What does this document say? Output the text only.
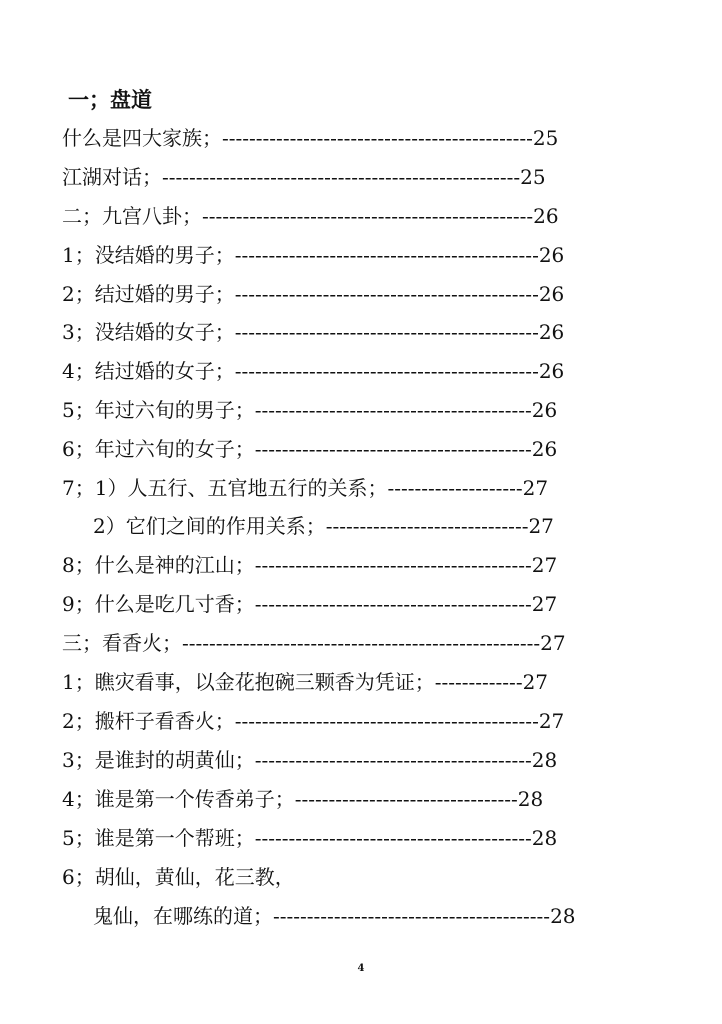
一；盘道
什么是四大家族；----------------------------------------------25
江湖对话；-----------------------------------------------------25
二；九宫八卦；-------------------------------------------------26
1；没结婚的男子；---------------------------------------------26
2；结过婚的男子；---------------------------------------------26
3；没结婚的女子；---------------------------------------------26
4；结过婚的女子；---------------------------------------------26
5；年过六旬的男子；-----------------------------------------26
6；年过六旬的女子；-----------------------------------------26
7；1）人五行、五官地五行的关系；--------------------27
2）它们之间的作用关系；------------------------------27
8；什么是神的江山；-----------------------------------------27
9；什么是吃几寸香；-----------------------------------------27
三；看香火；-----------------------------------------------------27
1；瞧灾看事，以金花抱碗三颗香为凭证；-------------27
2；搬杆子看香火；---------------------------------------------27
3；是谁封的胡黄仙；-----------------------------------------28
4；谁是第一个传香弟子；---------------------------------28
5；谁是第一个帮班；-----------------------------------------28
6；胡仙，黄仙，花三教，
鬼仙，在哪练的道；-----------------------------------------28
4
